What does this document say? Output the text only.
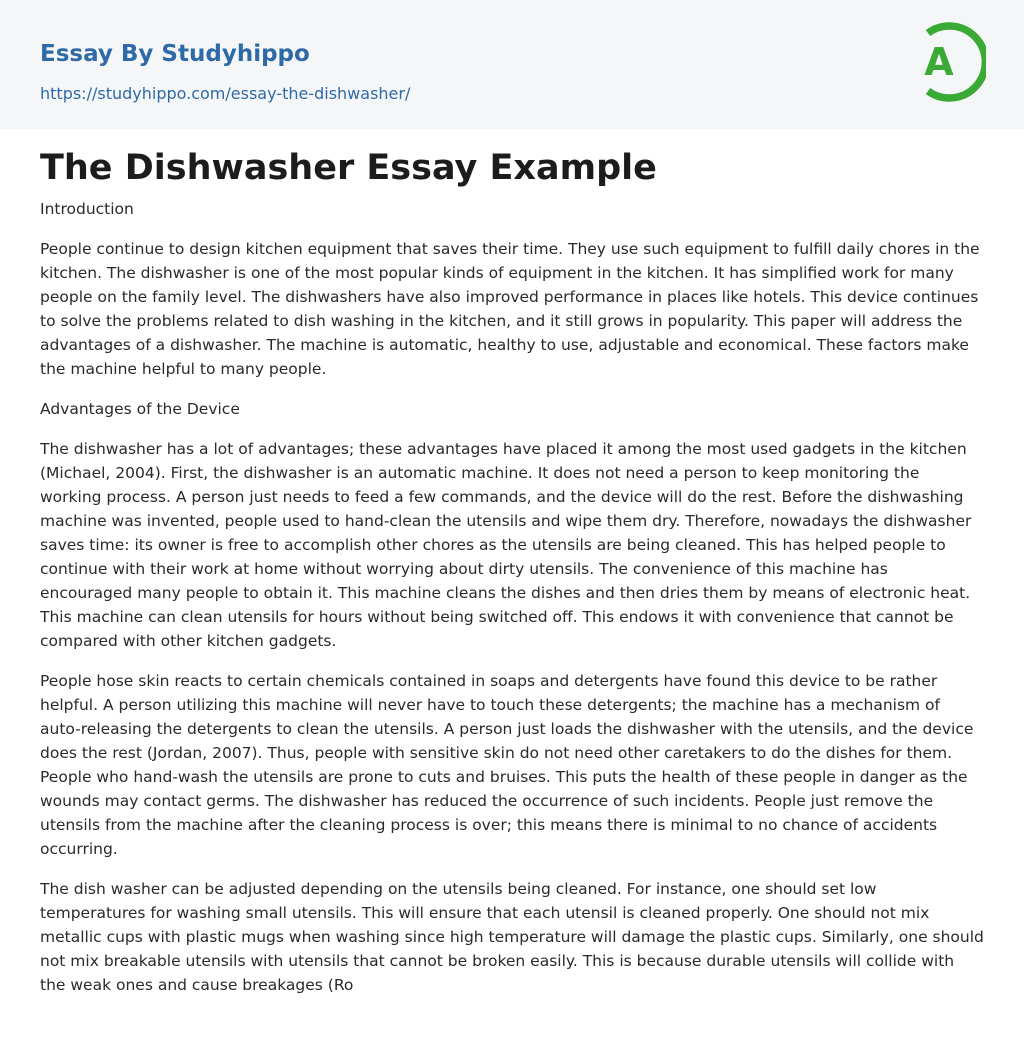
Essay By Studyhippo
https://studyhippo.com/essay-the-dishwasher/
A
The Dishwasher Essay Example

Introduction

People continue to design kitchen equipment that saves their time. They use such equipment to fulfill daily chores in the kitchen. The dishwasher is one of the most popular kinds of equipment in the kitchen. It has simplified work for many people on the family level. The dishwashers have also improved performance in places like hotels. This device continues to solve the problems related to dish washing in the kitchen, and it still grows in popularity. This paper will address the advantages of a dishwasher. The machine is automatic, healthy to use, adjustable and economical. These factors make the machine helpful to many people.

Advantages of the Device

The dishwasher has a lot of advantages; these advantages have placed it among the most used gadgets in the kitchen (Michael, 2004). First, the dishwasher is an automatic machine. It does not need a person to keep monitoring the working process. A person just needs to feed a few commands, and the device will do the rest. Before the dishwashing machine was invented, people used to hand-clean the utensils and wipe them dry. Therefore, nowadays the dishwasher saves time: its owner is free to accomplish other chores as the utensils are being cleaned. This has helped people to continue with their work at home without worrying about dirty utensils. The convenience of this machine has encouraged many people to obtain it. This machine cleans the dishes and then dries them by means of electronic heat. This machine can clean utensils for hours without being switched off. This endows it with convenience that cannot be compared with other kitchen gadgets.

People hose skin reacts to certain chemicals contained in soaps and detergents have found this device to be rather helpful. A person utilizing this machine will never have to touch these detergents; the machine has a mechanism of auto-releasing the detergents to clean the utensils. A person just loads the dishwasher with the utensils, and the device does the rest (Jordan, 2007). Thus, people with sensitive skin do not need other caretakers to do the dishes for them. People who hand-wash the utensils are prone to cuts and bruises. This puts the health of these people in danger as the wounds may contact germs. The dishwasher has reduced the occurrence of such incidents. People just remove the utensils from the machine after the cleaning process is over; this means there is minimal to no chance of accidents occurring.

The dish washer can be adjusted depending on the utensils being cleaned. For instance, one should set low temperatures for washing small utensils. This will ensure that each utensil is cleaned properly. One should not mix metallic cups with plastic mugs when washing since high temperature will damage the plastic cups. Similarly, one should not mix breakable utensils with utensils that cannot be broken easily. This is because durable utensils will collide with the weak ones and cause breakages (Ro
